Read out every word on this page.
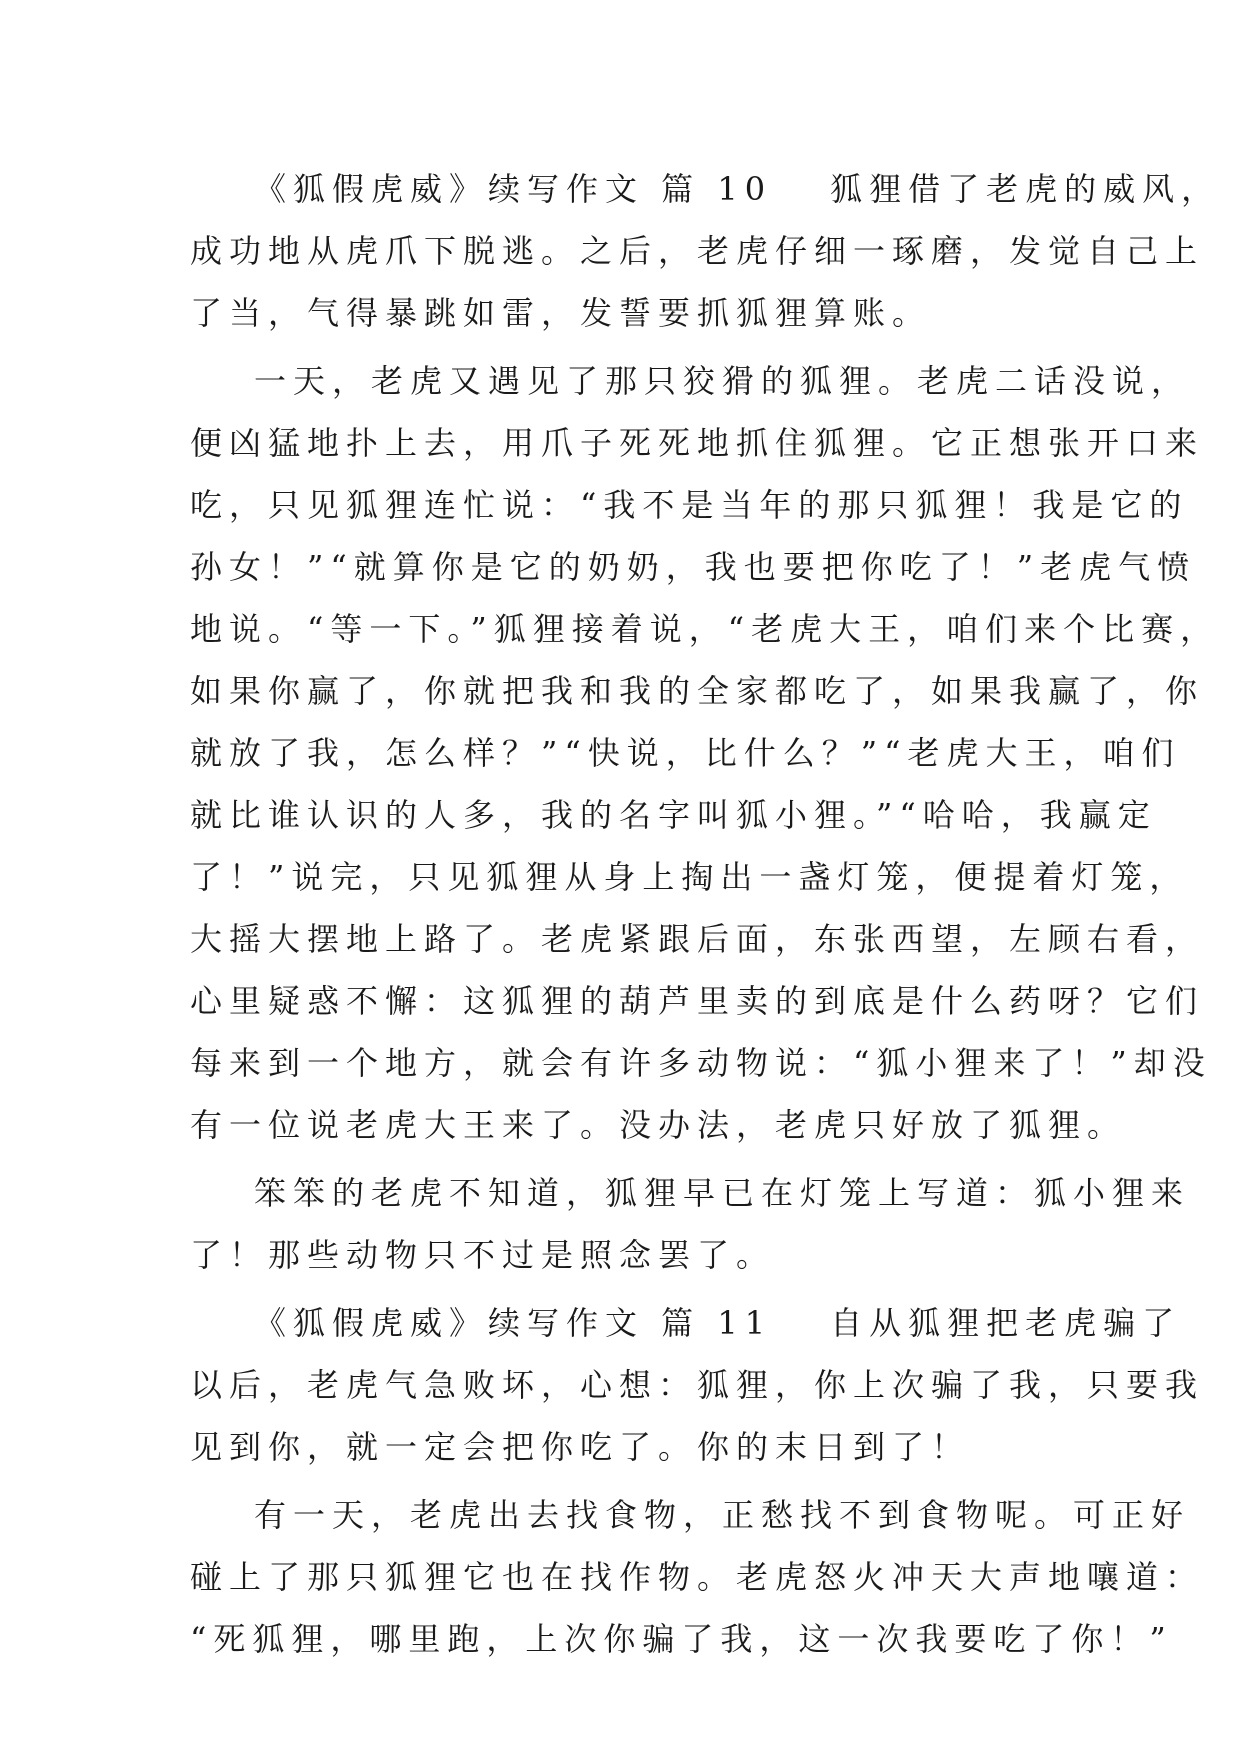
《狐假虎威》续写作文 篇 10 狐狸借了老虎的威风，
成功地从虎爪下脱逃。之后，老虎仔细一琢磨，发觉自己上
了当，气得暴跳如雷，发誓要抓狐狸算账。
一天，老虎又遇见了那只狡猾的狐狸。老虎二话没说，
便凶猛地扑上去，用爪子死死地抓住狐狸。它正想张开口来
吃，只见狐狸连忙说：“我不是当年的那只狐狸！我是它的
孙女！”“就算你是它的奶奶，我也要把你吃了！”老虎气愤
地说。“等一下。”狐狸接着说，“老虎大王，咱们来个比赛，
如果你赢了，你就把我和我的全家都吃了，如果我赢了，你
就放了我，怎么样？”“快说，比什么？”“老虎大王，咱们
就比谁认识的人多，我的名字叫狐小狸。”“哈哈，我赢定
了！”说完，只见狐狸从身上掏出一盏灯笼，便提着灯笼，
大摇大摆地上路了。老虎紧跟后面，东张西望，左顾右看，
心里疑惑不懈：这狐狸的葫芦里卖的到底是什么药呀？它们
每来到一个地方，就会有许多动物说：“狐小狸来了！”却没
有一位说老虎大王来了。没办法，老虎只好放了狐狸。
笨笨的老虎不知道，狐狸早已在灯笼上写道：狐小狸来
了！那些动物只不过是照念罢了。
《狐假虎威》续写作文 篇 11 自从狐狸把老虎骗了
以后，老虎气急败坏，心想：狐狸，你上次骗了我，只要我
见到你，就一定会把你吃了。你的末日到了！
有一天，老虎出去找食物，正愁找不到食物呢。可正好
碰上了那只狐狸它也在找作物。老虎怒火冲天大声地嚷道：
“死狐狸，哪里跑，上次你骗了我，这一次我要吃了你！”
